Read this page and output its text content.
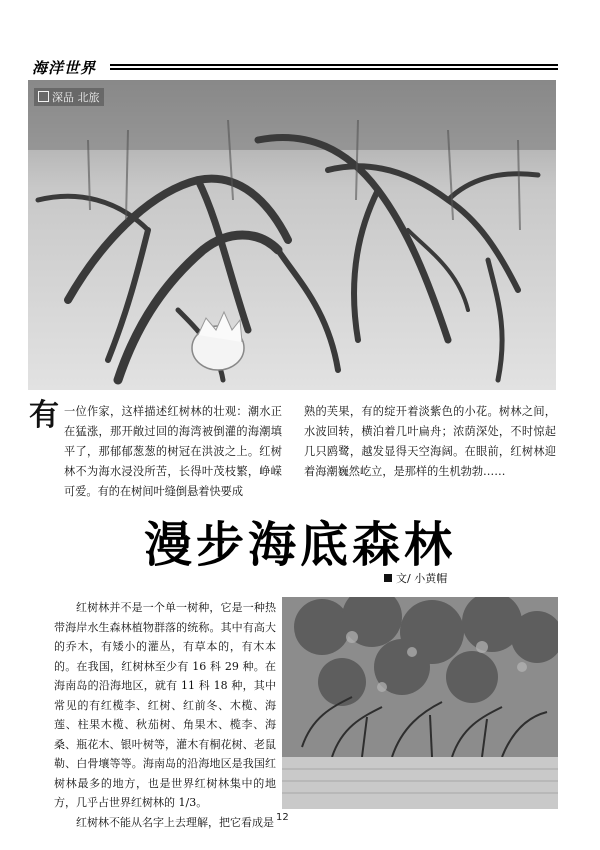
海洋世界
深品 北旅
有 一位作家，这样描述红树林的壮观：潮水正在猛涨，那开敞过回的海湾被倒灌的海潮填平了，那郁郁葱葱的树冠在洪波之上。红树林不为海水浸没所苦，长得叶茂枝繁，峥嵘可爱。有的在树间叶缝倒悬着快要成
熟的芙果，有的绽开着淡紫色的小花。树林之间，水波回转，横泊着几叶扁舟；浓荫深处，不时惊起几只鸥鹭，越发显得天空海阔。在眼前，红树林迎着海潮巍然屹立，是那样的生机勃勃……
漫步海底森林
文/ 小黄帽

红树林并不是一个单一树种，它是一种热带海岸水生森林植物群落的统称。其中有高大的乔木，有矮小的灌丛，有草本的，有木本的。在我国，红树林至少有 16 科 29 种。在海南岛的沿海地区，就有 11 科 18 种，其中常见的有红榄李、红树、红前冬、木榄、海莲、柱果木榄、秋茄树、角果木、榄李、海桑、瓶花木、银叶树等，灌木有桐花树、老鼠勒、白骨壤等等。海南岛的沿海地区是我国红树林最多的地方，也是世界红树林集中的地方，几乎占世界红树林的 1/3。

红树林不能从名字上去理解，把它看成是 12
